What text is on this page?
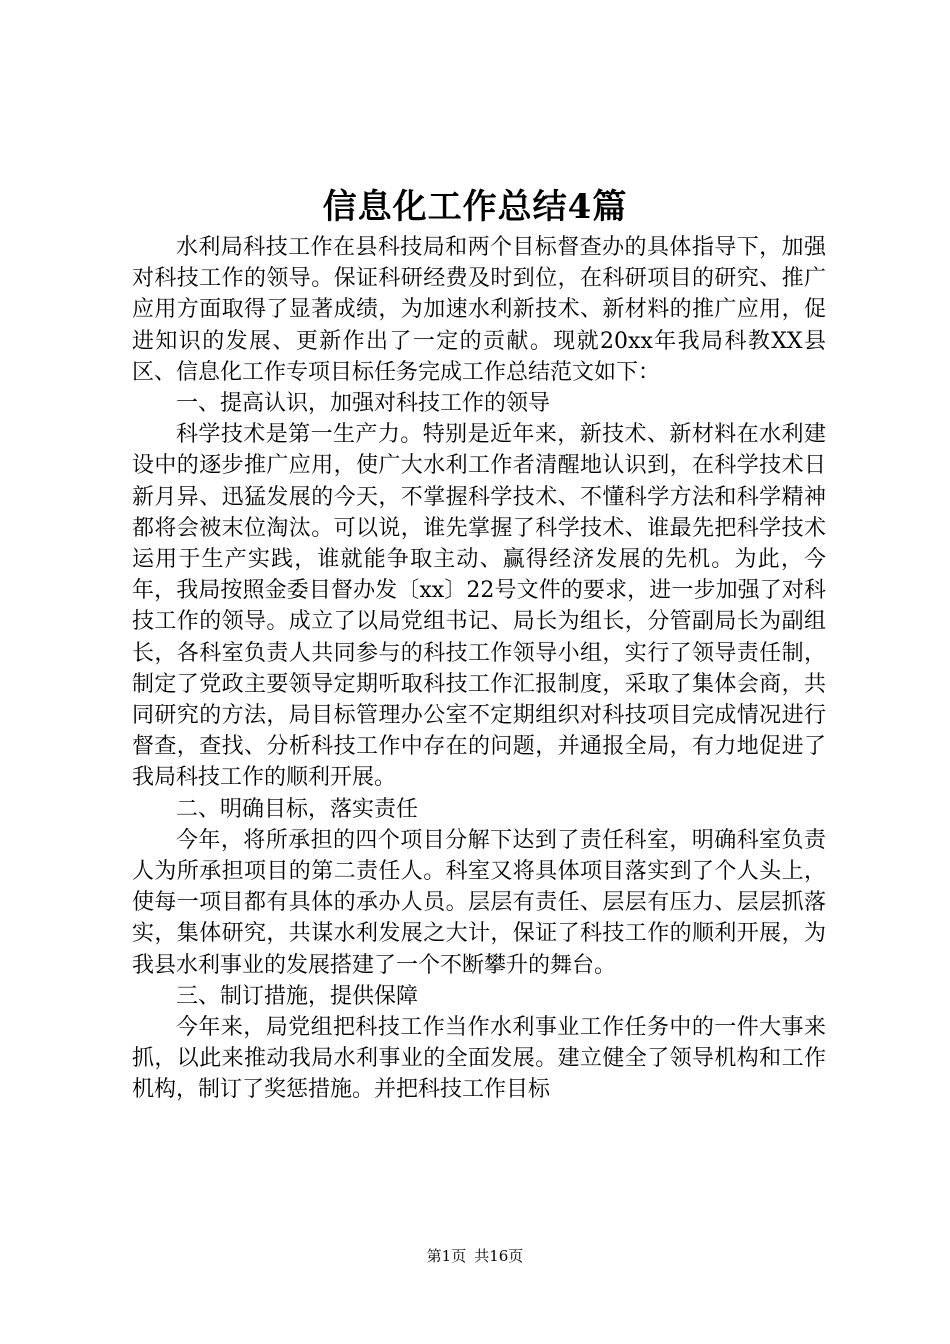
信息化工作总结4篇

水利局科技工作在县科技局和两个目标督查办的具体指导下，加强对科技工作的领导。保证科研经费及时到位，在科研项目的研究、推广应用方面取得了显著成绩，为加速水利新技术、新材料的推广应用，促进知识的发展、更新作出了一定的贡献。现就20xx年我局科教XX县区、信息化工作专项目标任务完成工作总结范文如下：

一、提高认识，加强对科技工作的领导

科学技术是第一生产力。特别是近年来，新技术、新材料在水利建设中的逐步推广应用，使广大水利工作者清醒地认识到，在科学技术日新月异、迅猛发展的今天，不掌握科学技术、不懂科学方法和科学精神都将会被末位淘汰。可以说，谁先掌握了科学技术、谁最先把科学技术运用于生产实践，谁就能争取主动、赢得经济发展的先机。为此，今年，我局按照金委目督办发〔xx〕22号文件的要求，进一步加强了对科技工作的领导。成立了以局党组书记、局长为组长，分管副局长为副组长，各科室负责人共同参与的科技工作领导小组，实行了领导责任制，制定了党政主要领导定期听取科技工作汇报制度，采取了集体会商，共同研究的方法，局目标管理办公室不定期组织对科技项目完成情况进行督查，查找、分析科技工作中存在的问题，并通报全局，有力地促进了我局科技工作的顺利开展。

二、明确目标，落实责任

今年，将所承担的四个项目分解下达到了责任科室，明确科室负责人为所承担项目的第二责任人。科室又将具体项目落实到了个人头上，使每一项目都有具体的承办人员。层层有责任、层层有压力、层层抓落实，集体研究，共谋水利发展之大计，保证了科技工作的顺利开展，为我县水利事业的发展搭建了一个不断攀升的舞台。

三、制订措施，提供保障

今年来，局党组把科技工作当作水利事业工作任务中的一件大事来抓，以此来推动我局水利事业的全面发展。建立健全了领导机构和工作机构，制订了奖惩措施。并把科技工作目标

第1页 共16页
